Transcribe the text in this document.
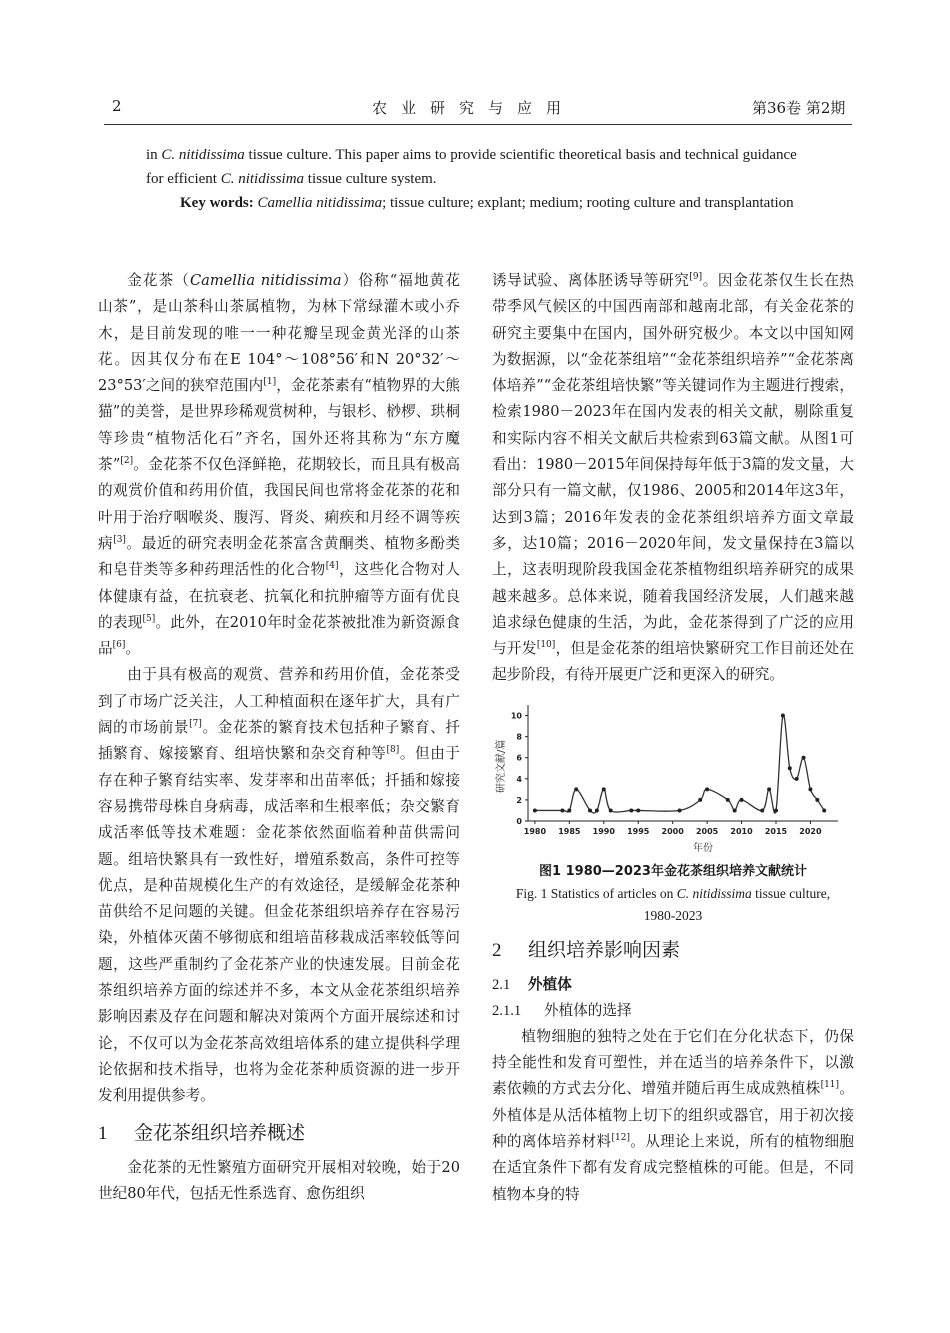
2	农业研究与应用	第36卷 第2期

in C. nitidissima tissue culture. This paper aims to provide scientific theoretical basis and technical guidance for efficient C. nitidissima tissue culture system.

Key words: Camellia nitidissima; tissue culture; explant; medium; rooting culture and transplantation

金花茶（Camellia nitidissima）俗称“福地黄花山茶”，是山茶科山茶属植物，为林下常绿灌木或小乔木，是目前发现的唯一一种花瓣呈现金黄光泽的山茶花。因其仅分布在E 104°～108°56′和N 20°32′～23°53′之间的狭窄范围内[1]，金花茶素有“植物界的大熊猫”的美誉，是世界珍稀观赏树种，与银杉、桫椤、珙桐等珍贵“植物活化石”齐名，国外还将其称为“东方魔茶”[2]。金花茶不仅色泽鲜艳，花期较长，而且具有极高的观赏价值和药用价值，我国民间也常将金花茶的花和叶用于治疗咽喉炎、腹泻、肾炎、痢疾和月经不调等疾病[3]。最近的研究表明金花茶富含黄酮类、植物多酚类和皂苷类等多种药理活性的化合物[4]，这些化合物对人体健康有益，在抗衰老、抗氧化和抗肿瘤等方面有优良的表现[5]。此外，在2010年时金花茶被批准为新资源食品[6]。

由于具有极高的观赏、营养和药用价值，金花茶受到了市场广泛关注，人工种植面积在逐年扩大，具有广阔的市场前景[7]。金花茶的繁育技术包括种子繁育、扦插繁育、嫁接繁育、组培快繁和杂交育种等[8]。但由于存在种子繁育结实率、发芽率和出苗率低；扦插和嫁接容易携带母株自身病毒，成活率和生根率低；杂交繁育成活率低等技术难题：金花茶依然面临着种苗供需问题。组培快繁具有一致性好，增殖系数高，条件可控等优点，是种苗规模化生产的有效途径，是缓解金花茶种苗供给不足问题的关键。但金花茶组织培养存在容易污染，外植体灭菌不够彻底和组培苗移栽成活率较低等问题，这些严重制约了金花茶产业的快速发展。目前金花茶组织培养方面的综述并不多，本文从金花茶组织培养影响因素及存在问题和解决对策两个方面开展综述和讨论，不仅可以为金花茶高效组培体系的建立提供科学理论依据和技术指导，也将为金花茶种质资源的进一步开发利用提供参考。

1 金花茶组织培养概述

金花茶的无性繁殖方面研究开展相对较晚，始于20世纪80年代，包括无性系选育、愈伤组织

诱导试验、离体胚诱导等研究[9]。因金花茶仅生长在热带季风气候区的中国西南部和越南北部，有关金花茶的研究主要集中在国内，国外研究极少。本文以中国知网为数据源，以“金花茶组培”“金花茶组织培养”“金花茶离体培养”“金花茶组培快繁”等关键词作为主题进行搜索，检索1980－2023年在国内发表的相关文献，剔除重复和实际内容不相关文献后共检索到63篇文献。从图1可看出：1980－2015年间保持每年低于3篇的发文量，大部分只有一篇文献，仅1986、2005和2014年这3年，达到3篇；2016年发表的金花茶组织培养方面文章最多，达10篇；2016－2020年间，发文量保持在3篇以上，这表明现阶段我国金花茶植物组织培养研究的成果越来越多。总体来说，随着我国经济发展，人们越来越追求绿色健康的生活，为此，金花茶得到了广泛的应用与开发[10]，但是金花茶的组培快繁研究工作目前还处在起步阶段，有待开展更广泛和更深入的研究。

1980 1985 1990 1995 2000 2005 2010 2015 2020
0
2
4
6
8
10
研究文献/篇
年份
图1 1980—2023年金花茶组织培养文献统计
Fig. 1 Statistics of articles on C. nitidissima tissue culture,
1980-2023
2 组织培养影响因素
2.1 外植体
2.1.1 外植体的选择

植物细胞的独特之处在于它们在分化状态下，仍保持全能性和发育可塑性，并在适当的培养条件下，以激素依赖的方式去分化、增殖并随后再生成成熟植株[11]。外植体是从活体植物上切下的组织或器官，用于初次接种的离体培养材料[12]。从理论上来说，所有的植物细胞在适宜条件下都有发育成完整植株的可能。但是，不同植物本身的特
